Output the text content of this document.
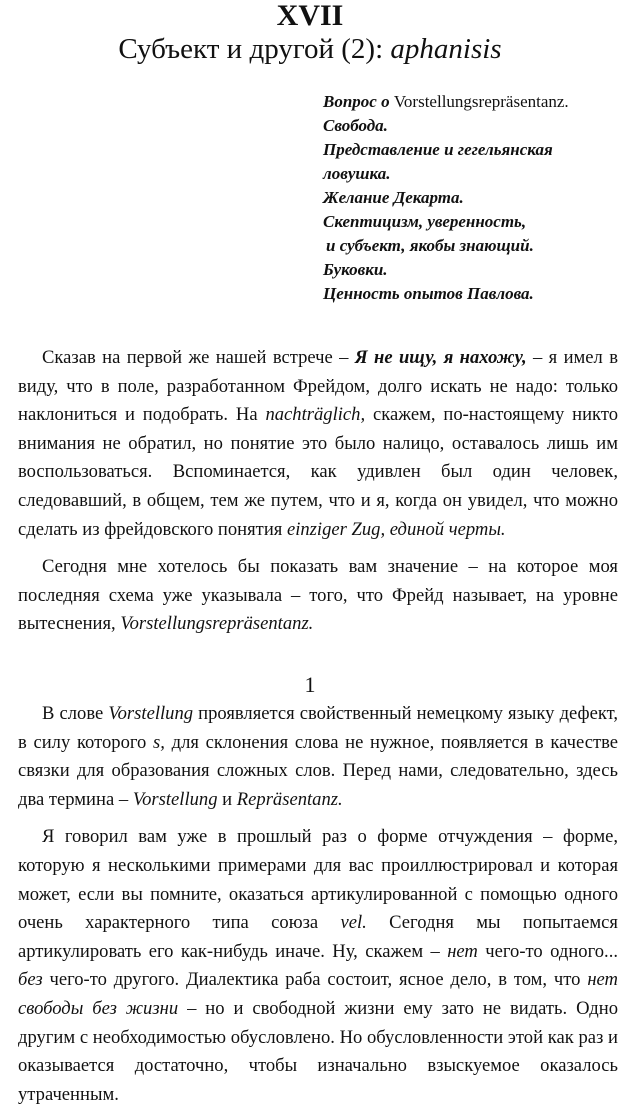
XVII
Субъект и другой (2): aphanisis
Вопрос о Vorstellungsrepräsentanz.
Свобода.
Представление и гегельянская
ловушка.
Желание Декарта.
Скептицизм, уверенность,
и субъект, якобы знающий.
Буковки.
Ценность опытов Павлова.

Сказав на первой же нашей встрече – Я не ищу, я нахожу, – я имел в виду, что в поле, разработанном Фрейдом, долго искать не надо: только наклониться и подобрать. На nachträglich, скажем, по-настоящему никто внимания не обратил, но понятие это было налицо, оставалось лишь им воспользоваться. Вспоминается, как удивлен был один человек, следовавший, в общем, тем же путем, что и я, когда он увидел, что можно сделать из фрейдовского понятия einziger Zug, единой черты.

Сегодня мне хотелось бы показать вам значение – на которое моя последняя схема уже указывала – того, что Фрейд называет, на уровне вытеснения, Vorstellungsrepräsentanz.

1

В слове Vorstellung проявляется свойственный немецкому языку дефект, в силу которого s, для склонения слова не нужное, появляется в качестве связки для образования сложных слов. Перед нами, следовательно, здесь два термина – Vorstellung и Repräsentanz.

Я говорил вам уже в прошлый раз о форме отчуждения – форме, которую я несколькими примерами для вас проиллюстрировал и которая может, если вы помните, оказаться артикулированной с помощью одного очень характерного типа союза vel. Сегодня мы попытаемся артикулировать его как-нибудь иначе. Ну, скажем – нет чего-то одного... без чего-то другого. Диалектика раба состоит, ясное дело, в том, что нет свободы без жизни – но и свободной жизни ему зато не видать. Одно другим с необходимостью обусловлено. Но обусловленности этой как раз и оказывается достаточно, чтобы изначально взыскуемое оказалось утраченным.
